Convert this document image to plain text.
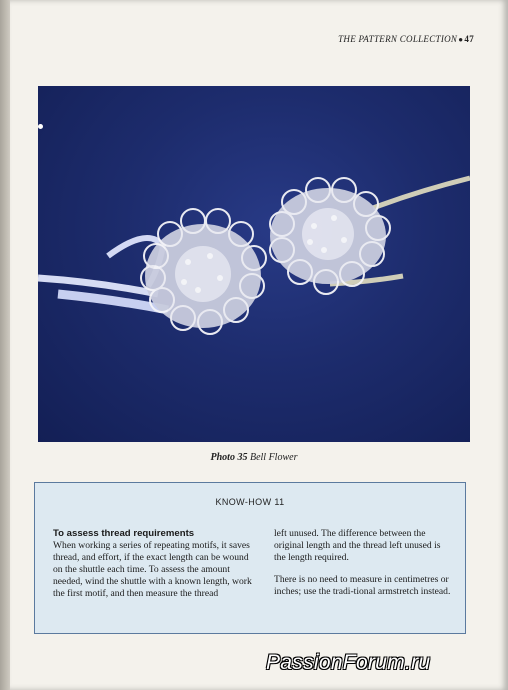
THE PATTERN COLLECTION●47
Photo 35 Bell Flower
KNOW-HOW 11
To assess thread requirements

When working a series of repeating motifs, it saves thread, and effort, if the exact length can be wound on the shuttle each time. To assess the amount needed, wind the shuttle with a known length, work the first motif, and then measure the thread

left unused. The difference between the original length and the thread left unused is the length required.

There is no need to measure in centimetres or inches; use the tradi-tional armstretch instead.

PassionForum.ru
